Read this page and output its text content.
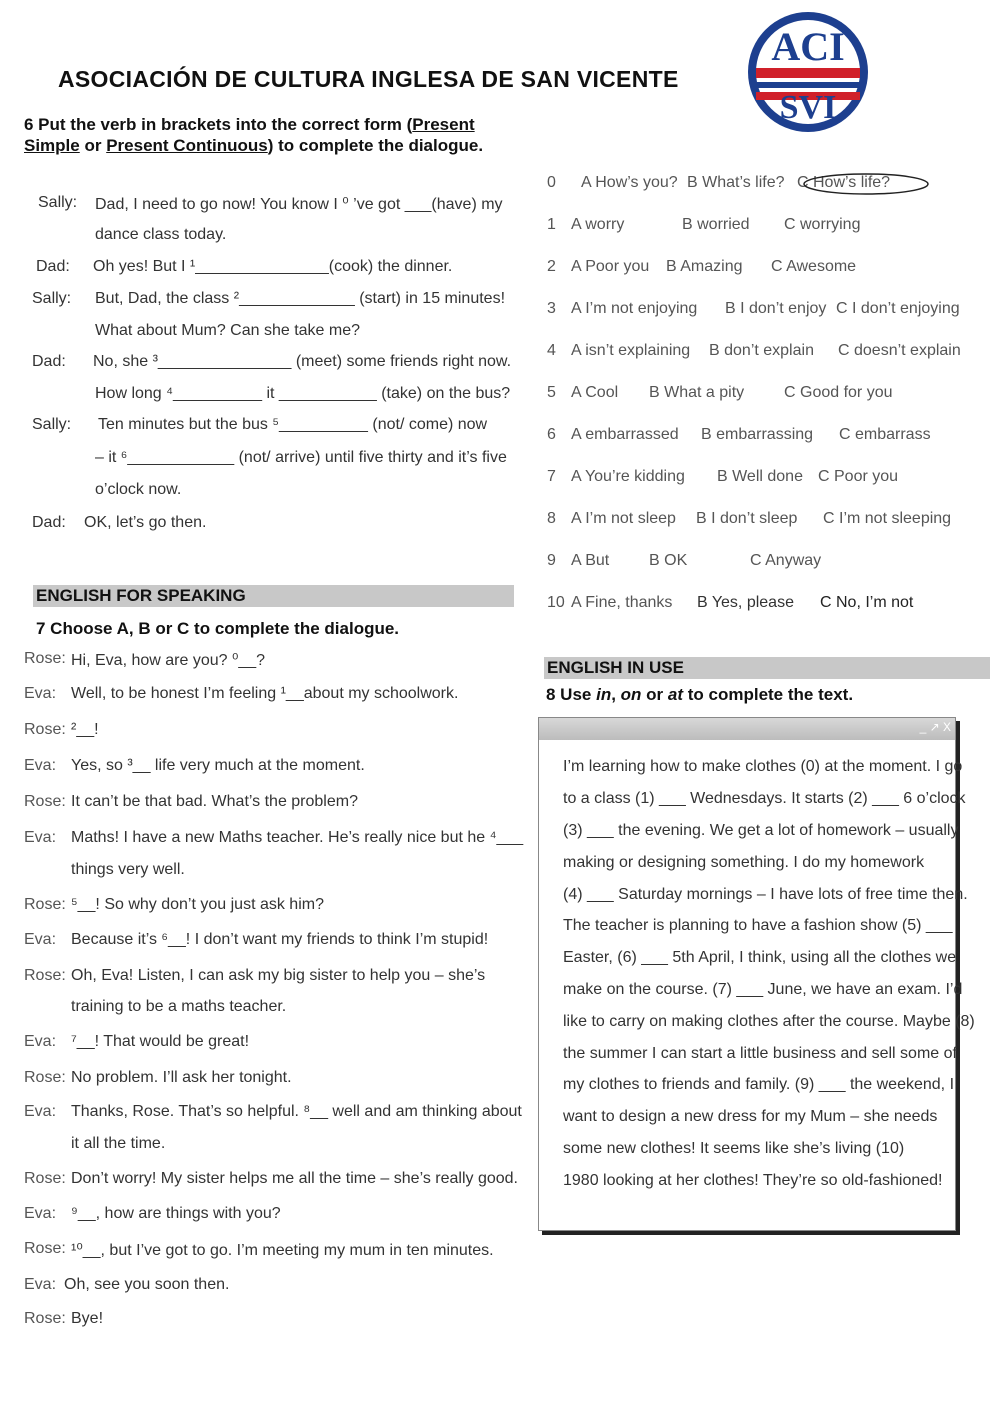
ASOCIACIÓN DE CULTURA INGLESA DE SAN VICENTE
ACI
SVI
6 Put the verb in brackets into the correct form (Present
Simple or Present Continuous) to complete the dialogue.
Sally: Dad, I need to go now! You know I ⁰ ’ve got ___(have) my
dance class today.
Dad: Oh yes! But I ¹_______________(cook) the dinner.
Sally: But, Dad, the class ²_____________ (start) in 15 minutes!
What about Mum? Can she take me?
Dad: No, she ³_______________ (meet) some friends right now.
How long ⁴__________ it ___________ (take) on the bus?
Sally: Ten minutes but the bus ⁵__________ (not/ come) now
– it ⁶____________ (not/ arrive) until five thirty and it’s five
o’clock now.
Dad: OK, let’s go then.
ENGLISH FOR SPEAKING
7 Choose A, B or C to complete the dialogue.
Rose: Hi, Eva, how are you? ⁰__?
Eva: Well, to be honest I’m feeling ¹__about my schoolwork.
Rose: ²__!
Eva: Yes, so ³__ life very much at the moment.
Rose: It can’t be that bad. What’s the problem?
Eva: Maths! I have a new Maths teacher. He’s really nice but he ⁴___
things very well.
Rose: ⁵__! So why don’t you just ask him?
Eva: Because it’s ⁶__! I don’t want my friends to think I’m stupid!
Rose: Oh, Eva! Listen, I can ask my big sister to help you – she’s
training to be a maths teacher.
Eva: ⁷__! That would be great!
Rose: No problem. I’ll ask her tonight.
Eva: Thanks, Rose. That’s so helpful. ⁸__ well and am thinking about
it all the time.
Rose: Don’t worry! My sister helps me all the time – she’s really good.
Eva: ⁹__, how are things with you?
Rose: ¹⁰__, but I’ve got to go. I’m meeting my mum in ten minutes.
Eva: Oh, see you soon then.
Rose: Bye!
0 A How’s you? B What’s life? C How’s life?
1 A worry	B worried C worrying
2 A Poor you B Amazing C Awesome
3 A I’m not enjoying B I don’t enjoy C I don’t enjoying
4 A isn’t explaining B don’t explain C doesn’t explain
5 A Cool B What a pity C Good for you
6 A embarrassed B embarrassing C embarrass
7 A You’re kidding B Well done C Poor you
8 A I’m not sleep B I don’t sleep C I’m not sleeping
9 A But B OK	C Anyway
10 A Fine, thanks B Yes, please C No, I’m not
ENGLISH IN USE
8 Use in, on or at to complete the text.
_ ↗ X
I’m learning how to make clothes (0) at the moment. I go
to a class (1) ___ Wednesdays. It starts (2) ___ 6 o’clock
(3) ___ the evening. We get a lot of homework – usually
making or designing something. I do my homework
(4) ___ Saturday mornings – I have lots of free time then.
The teacher is planning to have a fashion show (5) ___
Easter, (6) ___ 5th April, I think, using all the clothes we
make on the course. (7) ___ June, we have an exam. I’d
like to carry on making clothes after the course. Maybe (8)
the summer I can start a little business and sell some of
my clothes to friends and family. (9) ___ the weekend, I
want to design a new dress for my Mum – she needs
some new clothes! It seems like she’s living (10)
1980 looking at her clothes! They’re so old-fashioned!
